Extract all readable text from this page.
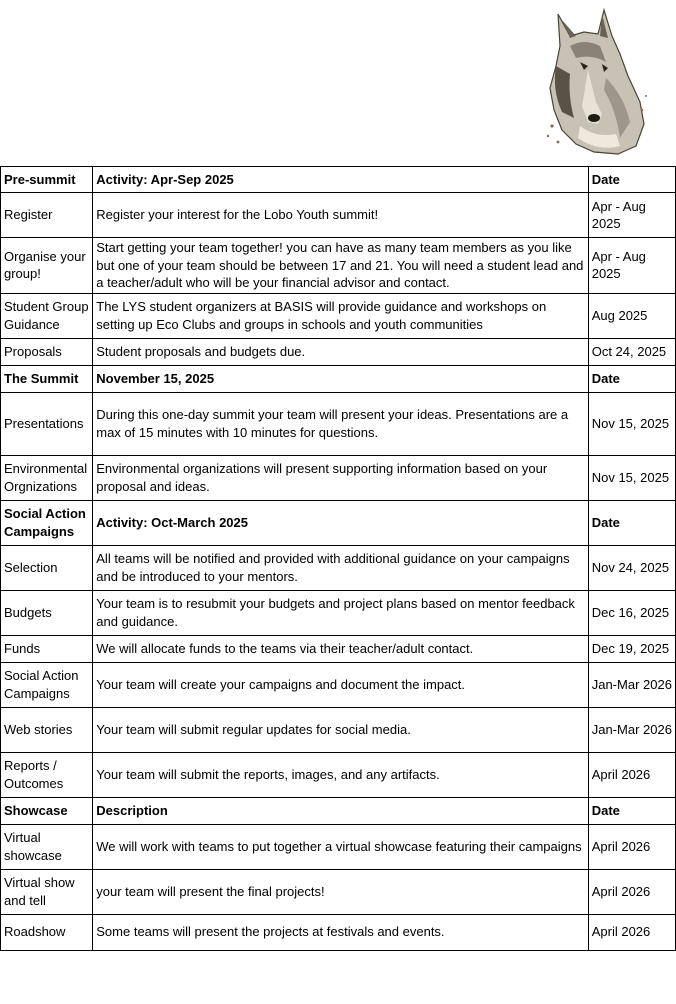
Pre-summit	Activity: Apr-Sep 2025	Date
Register	Register your interest for the Lobo Youth summit!	Apr - Aug 2025
Organise your group!	Start getting your team together! you can have as many team members as you like but one of your team should be between 17 and 21. You will need a student lead and a teacher/adult who will be your financial advisor and contact.	Apr - Aug 2025
Student Group Guidance	The LYS student organizers at BASIS will provide guidance and workshops on setting up Eco Clubs and groups in schools and youth communities	Aug 2025
Proposals	Student proposals and budgets due.	Oct 24, 2025
The Summit	November 15, 2025	Date
Presentations	During this one-day summit your team will present your ideas. Presentations are a max of 15 minutes with 10 minutes for questions.	Nov 15, 2025
Environmental Orgnizations	Environmental organizations will present supporting information based on your proposal and ideas.	Nov 15, 2025
Social Action Campaigns	Activity: Oct-March 2025	Date
Selection	All teams will be notified and provided with additional guidance on your campaigns and be introduced to your mentors.	Nov 24, 2025
Budgets	Your team is to resubmit your budgets and project plans based on mentor feedback and guidance.	Dec 16, 2025
Funds	We will allocate funds to the teams via their teacher/adult contact.	Dec 19, 2025
Social Action Campaigns	Your team will create your campaigns and document the impact.	Jan-Mar 2026
Web stories	Your team will submit regular updates for social media.	Jan-Mar 2026
Reports / Outcomes	Your team will submit the reports, images, and any artifacts.	April 2026
Showcase	Description	Date
Virtual showcase	We will work with teams to put together a virtual showcase featuring their campaigns	April 2026
Virtual show and tell	your team will present the final projects!	April 2026
Roadshow	Some teams will present the projects at festivals and events.	April 2026
